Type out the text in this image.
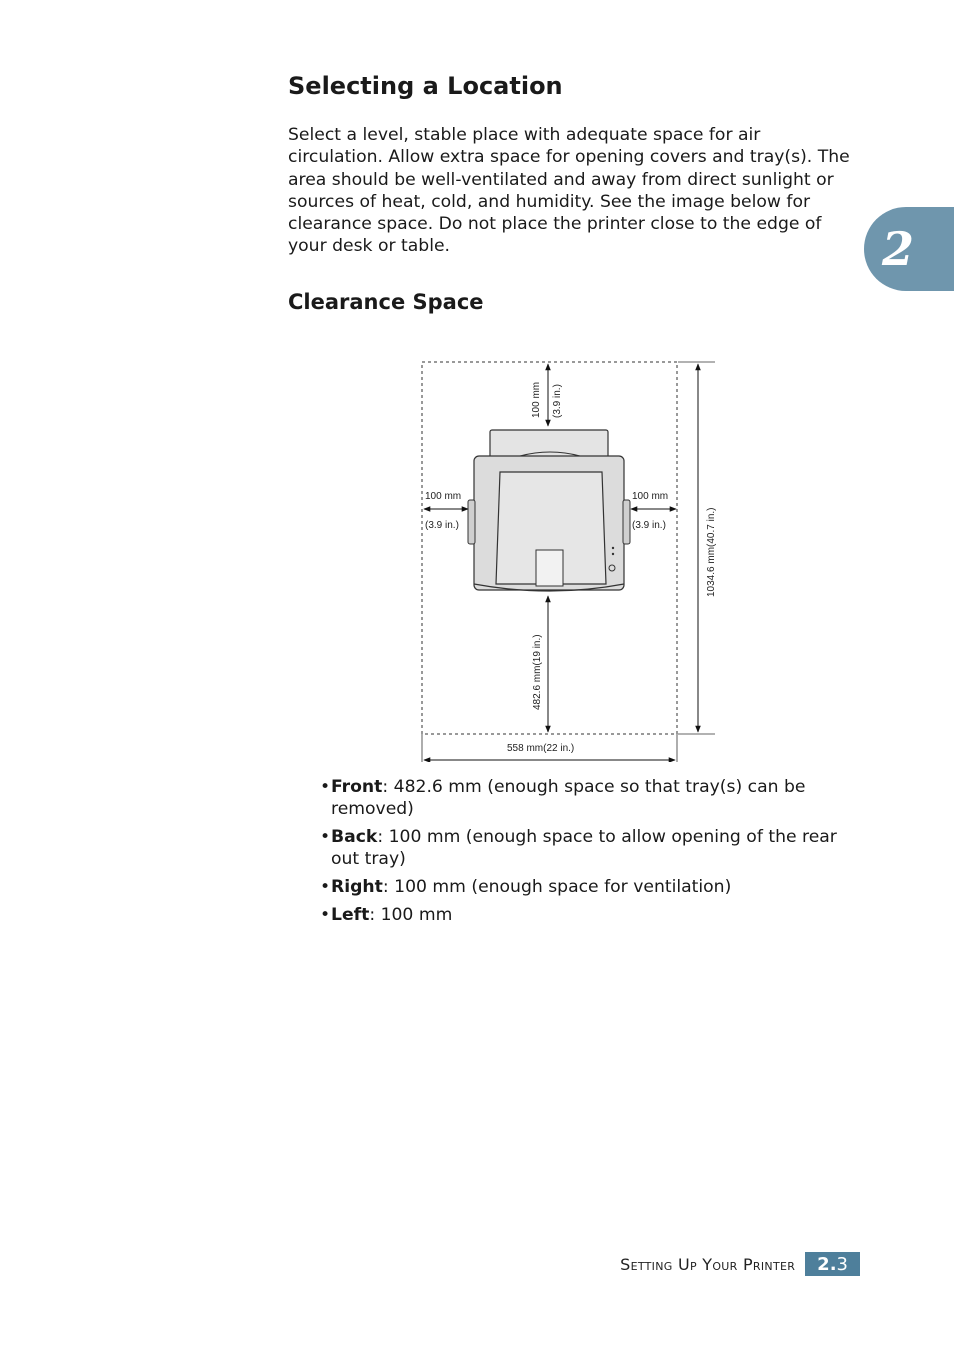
Selecting a Location

Select a level, stable place with adequate space for air circulation. Allow extra space for opening covers and tray(s). The area should be well-ventilated and away from direct sunlight or sources of heat, cold, and humidity. See the image below for clearance space. Do not place the printer close to the edge of your desk or table.	2
Clearance Space
100 mm (3.9 in.)
100 mm
(3.9 in.)
100 mm
(3.9 in.)
482.6 mm(19 in.)
1034.6 mm(40.7 in.)
558 mm(22 in.)
• Front: 482.6 mm (enough space so that tray(s) can be removed)
• Back: 100 mm (enough space to allow opening of the rear out tray)
• Right: 100 mm (enough space for ventilation)
• Left: 100 mm
Setting Up Your Printer 2. 3
